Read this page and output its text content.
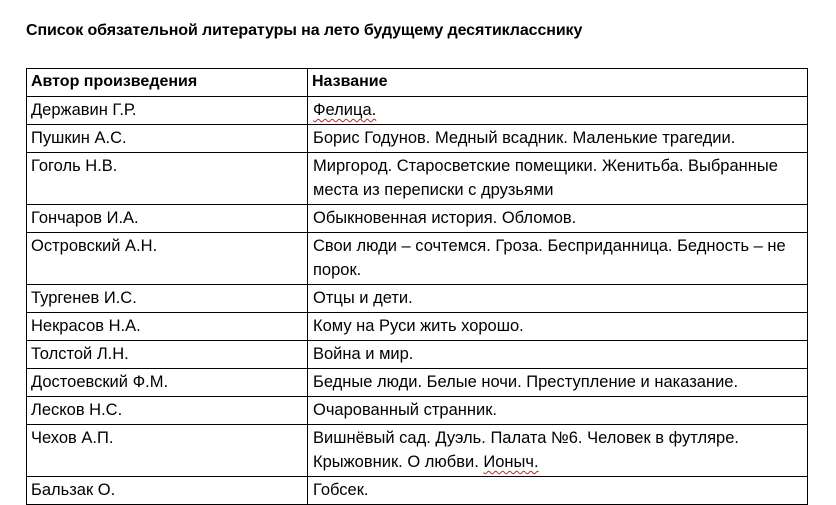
Список обязательной литературы на лето будущему десятикласснику
Автор произведения	Название
Державин Г.Р.	Фелица.
Пушкин А.С.	Борис Годунов. Медный всадник. Маленькие трагедии.
Гоголь Н.В.	Миргород. Старосветские помещики. Женитьба. Выбранные места из переписки с друзьями
Гончаров И.А.	Обыкновенная история. Обломов.
Островский А.Н.	Свои люди – сочтемся. Гроза. Бесприданница. Бедность – не порок.
Тургенев И.С.	Отцы и дети.
Некрасов Н.А.	Кому на Руси жить хорошо.
Толстой Л.Н.	Война и мир.
Достоевский Ф.М.	Бедные люди. Белые ночи. Преступление и наказание.
Лесков Н.С.	Очарованный странник.
Чехов А.П.	Вишнёвый сад. Дуэль. Палата №6. Человек в футляре. Крыжовник. О любви. Ионыч.
Бальзак О.	Гобсек.
